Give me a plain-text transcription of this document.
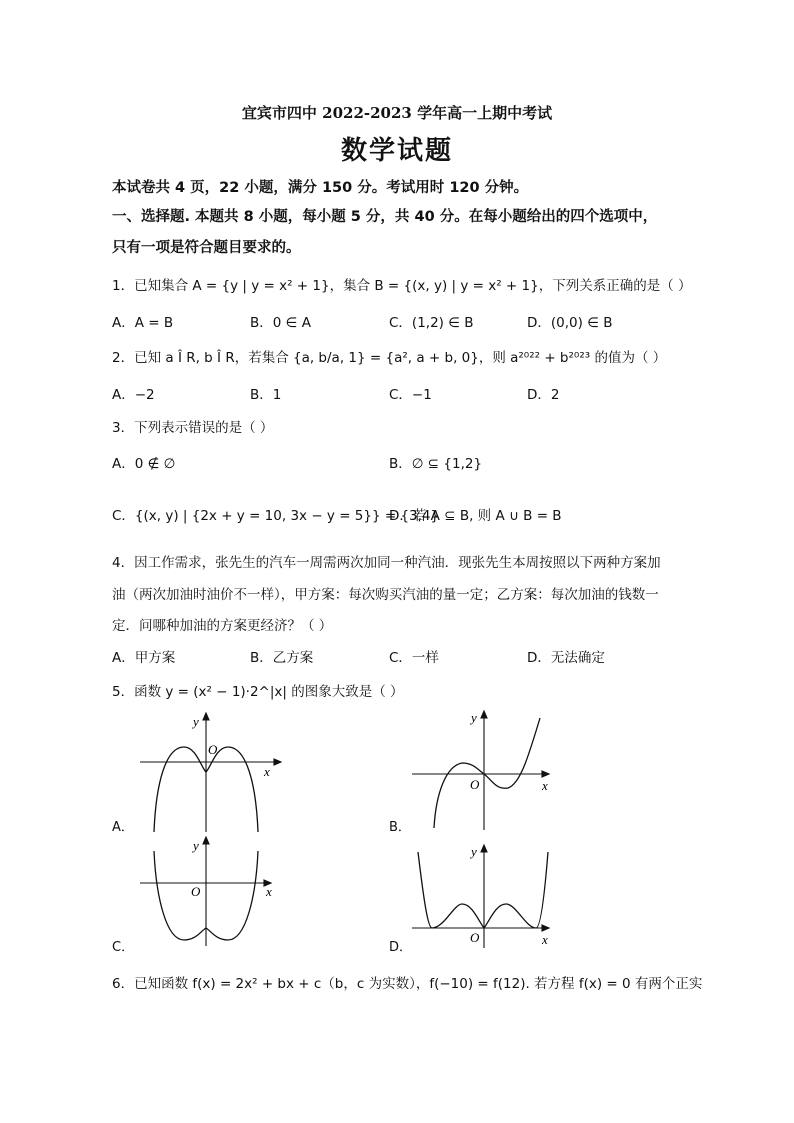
宜宾市四中 2022-2023 学年高一上期中考试
数学试题
本试卷共 4 页，22 小题，满分 150 分。考试用时 120 分钟。
一、选择题. 本题共 8 小题，每小题 5 分，共 40 分。在每小题给出的四个选项中，
只有一项是符合题目要求的。
1．已知集合 A = {y | y = x² + 1}，集合 B = {(x, y) | y = x² + 1}，下列关系正确的是（ ）
A．A = B	B．0 ∈ A	C．(1,2) ∈ B	D．(0,0) ∈ B
2．已知 a Î R, b Î R，若集合 {a, b/a, 1} = {a², a + b, 0}，则 a²⁰²² + b²⁰²³ 的值为（ ）
A．−2	B．1	C．−1	D．2
3．下列表示错误的是（ ）
A．0 ∉ ∅	B．∅ ⊆ {1,2}
C．{(x, y) | {2x + y = 10, 3x − y = 5}} = {3,4}
D．若 A ⊆ B, 则 A ∪ B = B
4．因工作需求，张先生的汽车一周需两次加同一种汽油．现张先生本周按照以下两种方案加
油（两次加油时油价不一样），甲方案：每次购买汽油的量一定；乙方案：每次加油的钱数一
定．问哪种加油的方案更经济？（ ）
A．甲方案	B．乙方案	C．一样	D．无法确定
5．函数 y = (x² − 1)·2^|x| 的图象大致是（ ）
A．
y
O
x
B．
y
O	x
C．
y
O	x
D．
y
O	x
6．已知函数 f(x) = 2x² + bx + c（b，c 为实数），f(−10) = f(12). 若方程 f(x) = 0 有两个正实
